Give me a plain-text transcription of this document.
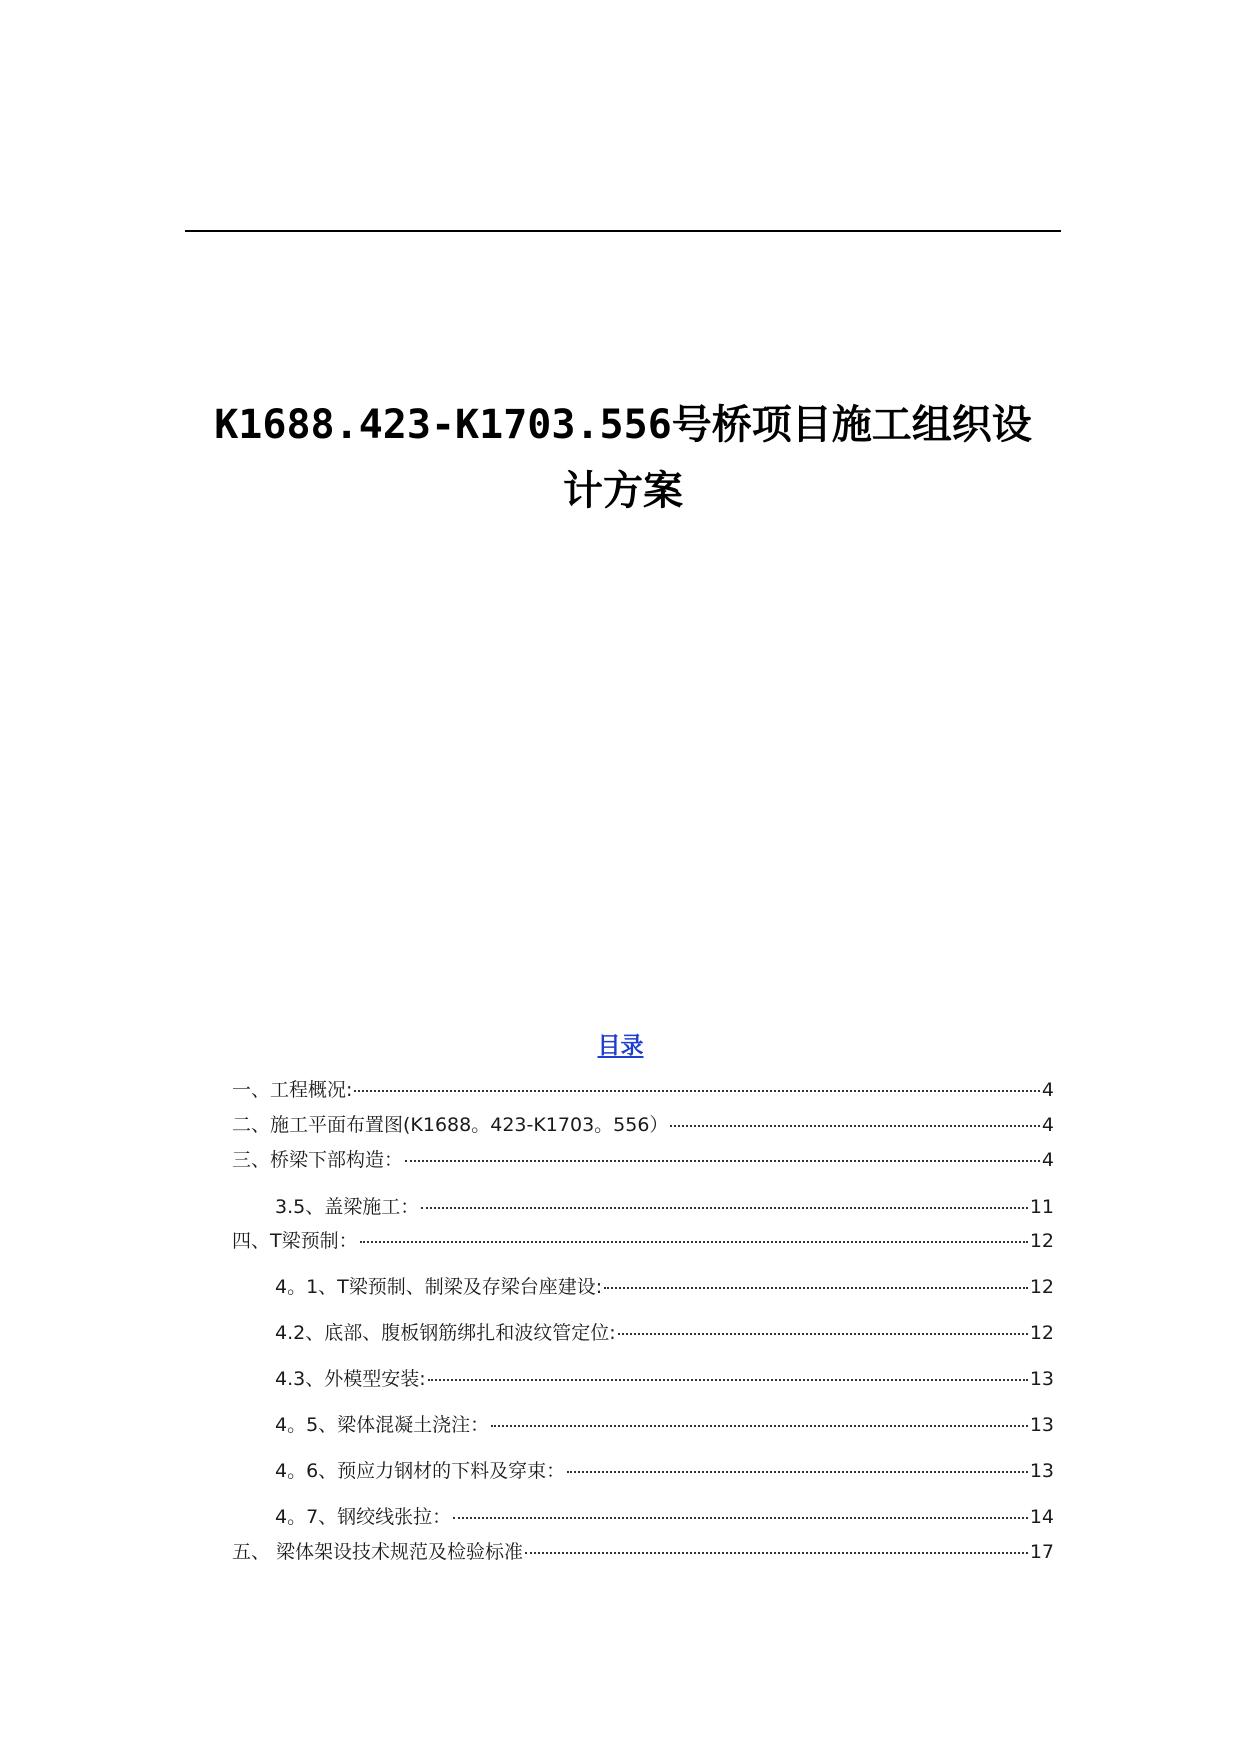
K1688.423-K1703.556号桥项目施工组织设
计方案
目录
一、工程概况:	4
二、施工平面布置图(K1688。423-K1703。556）	4
三、桥梁下部构造：	4
3.5、盖梁施工：	11
四、T梁预制：	12
4。1、T梁预制、制梁及存梁台座建设:	12
4.2、底部、腹板钢筋绑扎和波纹管定位:	12
4.3、外模型安装:	13
4。5、梁体混凝土浇注：	13
4。6、预应力钢材的下料及穿束：	13
4。7、钢绞线张拉：	14
五、 梁体架设技术规范及检验标准	17
